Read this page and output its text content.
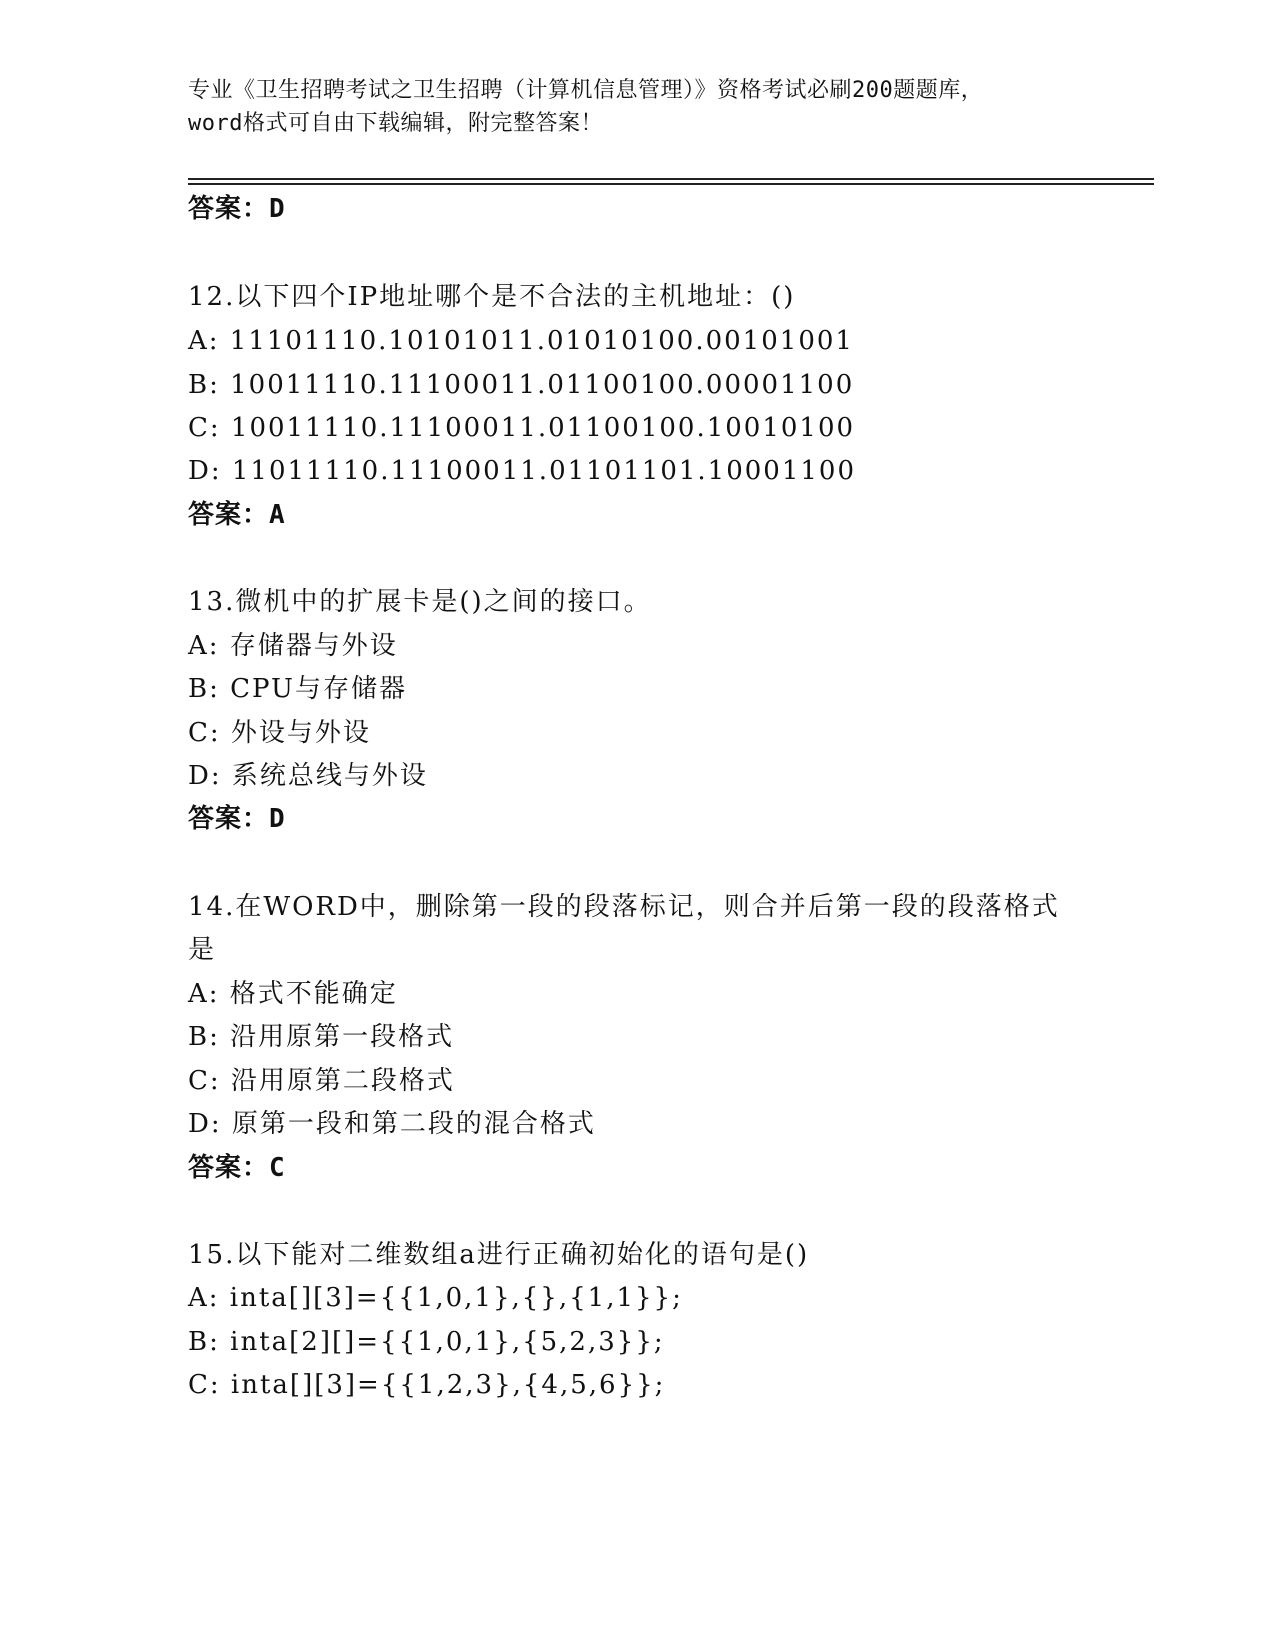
专业《卫生招聘考试之卫生招聘（计算机信息管理）》资格考试必刷200题题库，
word格式可自由下载编辑，附完整答案！
答案：D
12.以下四个IP地址哪个是不合法的主机地址：()
A: 11101110.10101011.01010100.00101001
B: 10011110.11100011.01100100.00001100
C: 10011110.11100011.01100100.10010100
D: 11011110.11100011.01101101.10001100
答案：A
13.微机中的扩展卡是()之间的接口。
A: 存储器与外设
B: CPU与存储器
C: 外设与外设
D: 系统总线与外设
答案：D
14.在WORD中，删除第一段的段落标记，则合并后第一段的段落格式
是
A: 格式不能确定
B: 沿用原第一段格式
C: 沿用原第二段格式
D: 原第一段和第二段的混合格式
答案：C
15.以下能对二维数组a进行正确初始化的语句是()
A: inta[][3]={{1,0,1},{},{1,1}};
B: inta[2][]={{1,0,1},{5,2,3}};
C: inta[][3]={{1,2,3},{4,5,6}};
